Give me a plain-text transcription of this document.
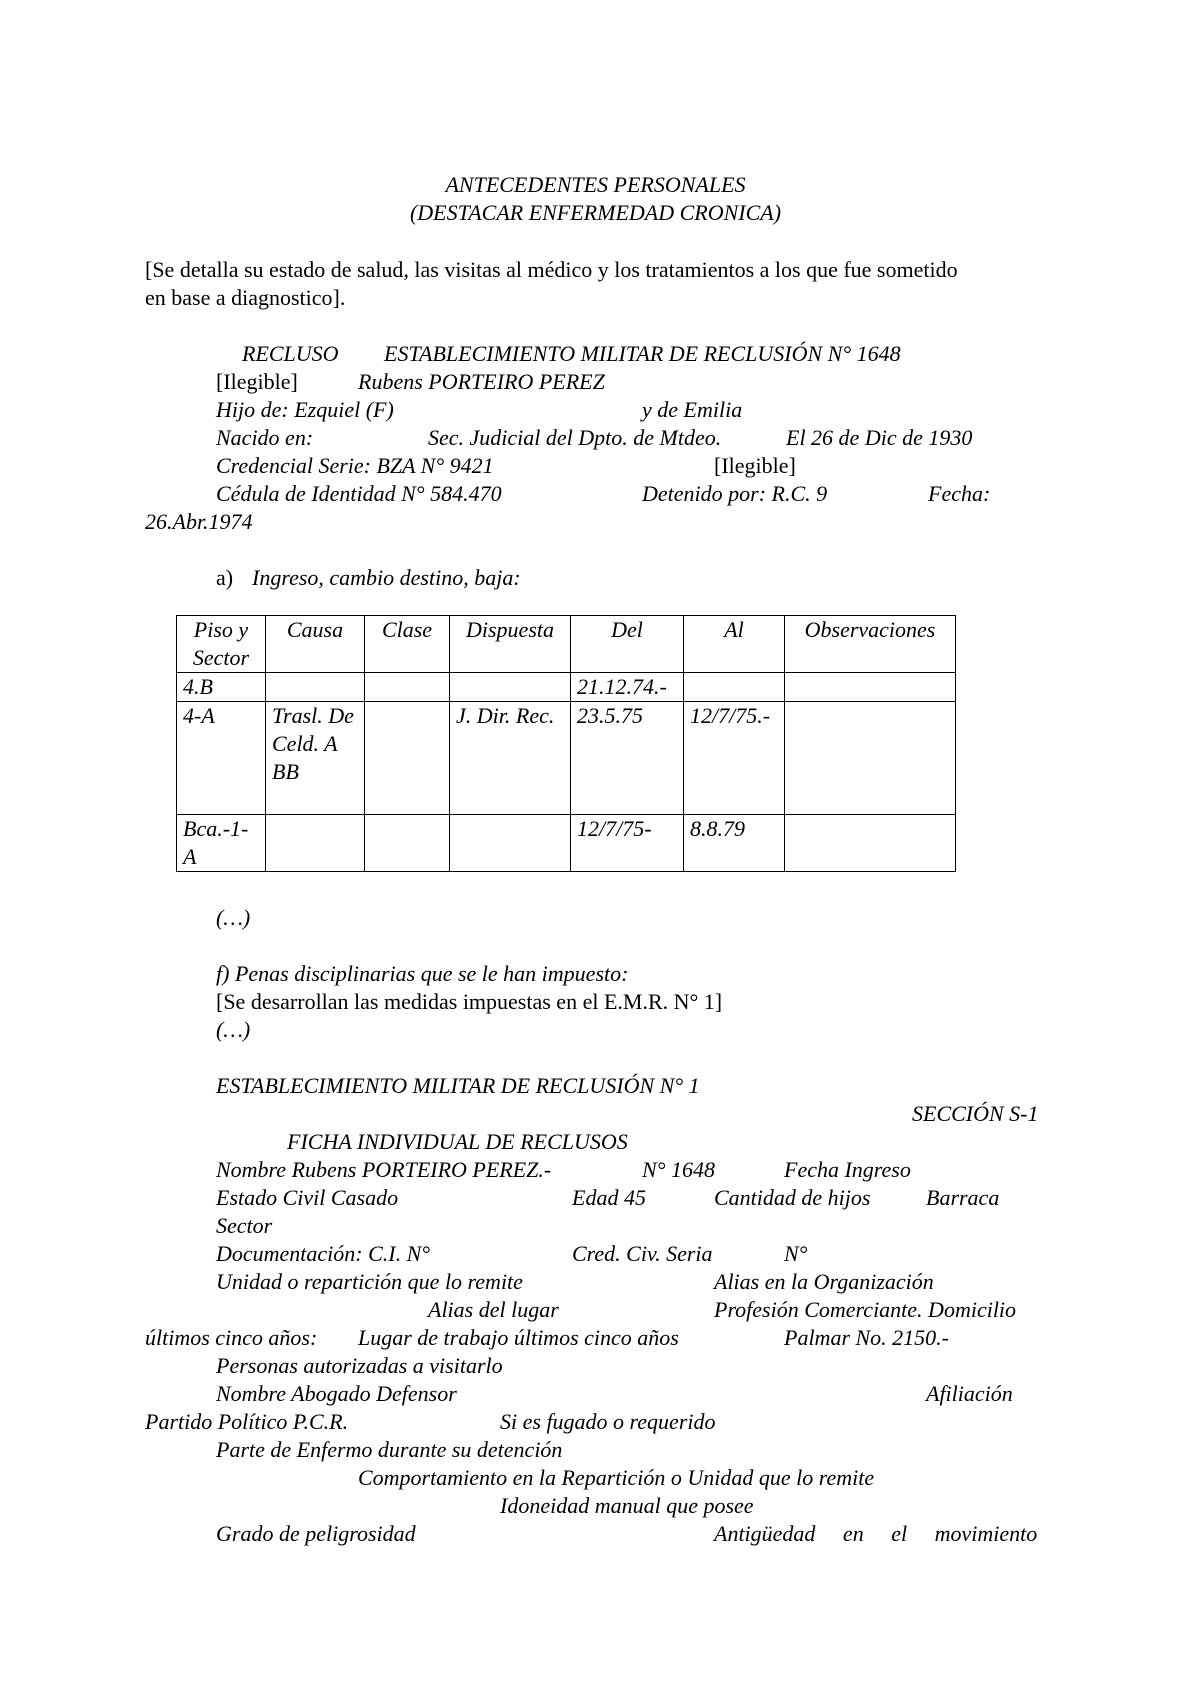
ANTECEDENTES PERSONALES
(DESTACAR ENFERMEDAD CRONICA)
[Se detalla su estado de salud, las visitas al médico y los tratamientos a los que fue sometido
en base a diagnostico].
RECLUSO ESTABLECIMIENTO MILITAR DE RECLUSIÓN N° 1648
[Ilegible]	Rubens PORTEIRO PEREZ
Hijo de: Ezquiel (F)	y de Emilia
Nacido en:	Sec. Judicial del Dpto. de Mtdeo.	El 26 de Dic de 1930
Credencial Serie: BZA N° 9421	[Ilegible]
Cédula de Identidad N° 584.470	Detenido por: R.C. 9	Fecha:
26.Abr.1974
a) Ingreso, cambio destino, baja:
Piso y Sector	Causa	Clase	Dispuesta	Del	Al	Observaciones
4.B				21.12.74.-		
4-A	Trasl. De Celd. A BB		J. Dir. Rec.	23.5.75	12/7/75.-	
Bca.-1-A				12/7/75-	8.8.79	
(…)
f) Penas disciplinarias que se le han impuesto:
[Se desarrollan las medidas impuestas en el E.M.R. N° 1]
(…)
ESTABLECIMIENTO MILITAR DE RECLUSIÓN N° 1
SECCIÓN S-1
FICHA INDIVIDUAL DE RECLUSOS
Nombre Rubens PORTEIRO PEREZ.-	N° 1648	Fecha Ingreso
Estado Civil Casado	Edad 45	Cantidad de hijos	Barraca
Sector
Documentación: C.I. N°	Cred. Civ. Seria	N°
Unidad o repartición que lo remite	Alias en la Organización
Alias del lugar	Profesión Comerciante. Domicilio
últimos cinco años: Lugar de trabajo últimos cinco años	Palmar No. 2150.-
Personas autorizadas a visitarlo
Nombre Abogado Defensor	Afiliación
Partido Político P.C.R.	Si es fugado o requerido
Parte de Enfermo durante su detención
Comportamiento en la Repartición o Unidad que lo remite
Idoneidad manual que posee
Grado de peligrosidad	Antigüedad en el movimiento
